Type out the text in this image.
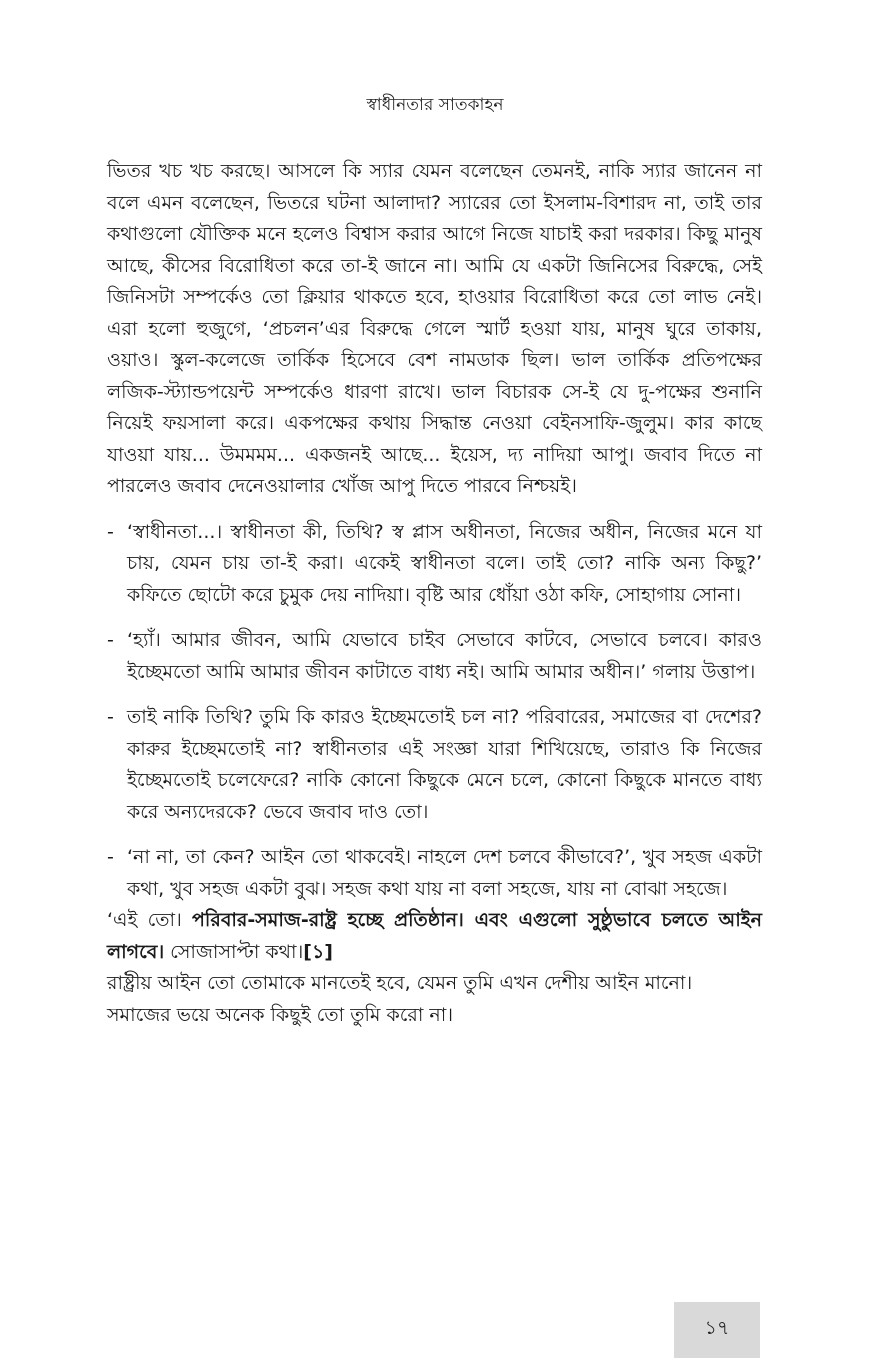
স্বাধীনতার সাতকাহন

ভিতর খচ খচ করছে। আসলে কি স্যার যেমন বলেছেন তেমনই, নাকি স্যার জানেন না বলে এমন বলেছেন, ভিতরে ঘটনা আলাদা? স্যারের তো ইসলাম-বিশারদ না, তাই তার কথাগুলো যৌক্তিক মনে হলেও বিশ্বাস করার আগে নিজে যাচাই করা দরকার। কিছু মানুষ আছে, কীসের বিরোধিতা করে তা-ই জানে না। আমি যে একটা জিনিসের বিরুদ্ধে, সেই জিনিসটা সম্পর্কেও তো ক্লিয়ার থাকতে হবে, হাওয়ার বিরোধিতা করে তো লাভ নেই। এরা হলো হুজুগে, ‘প্রচলন’এর বিরুদ্ধে গেলে স্মার্ট হওয়া যায়, মানুষ ঘুরে তাকায়, ওয়াও। স্কুল-কলেজে তার্কিক হিসেবে বেশ নামডাক ছিল। ভাল তার্কিক প্রতিপক্ষের লজিক-স্ট্যান্ডপয়েন্ট সম্পর্কেও ধারণা রাখে। ভাল বিচারক সে-ই যে দু-পক্ষের শুনানি নিয়েই ফয়সালা করে। একপক্ষের কথায় সিদ্ধান্ত নেওয়া বেইনসাফি-জুলুম। কার কাছে যাওয়া যায়... উমমমম... একজনই আছে... ইয়েস, দ্য নাদিয়া আপু। জবাব দিতে না পারলেও জবাব দেনেওয়ালার খোঁজ আপু দিতে পারবে নিশ্চয়ই।

- ‘স্বাধীনতা...। স্বাধীনতা কী, তিথি? স্ব প্লাস অধীনতা, নিজের অধীন, নিজের মনে যা চায়, যেমন চায় তা-ই করা। একেই স্বাধীনতা বলে। তাই তো? নাকি অন্য কিছু?’ কফিতে ছোটো করে চুমুক দেয় নাদিয়া। বৃষ্টি আর ধোঁয়া ওঠা কফি, সোহাগায় সোনা।
- ‘হ্যাঁ। আমার জীবন, আমি যেভাবে চাইব সেভাবে কাটবে, সেভাবে চলবে। কারও ইচ্ছেমতো আমি আমার জীবন কাটাতে বাধ্য নই। আমি আমার অধীন।’ গলায় উত্তাপ।
- তাই নাকি তিথি? তুমি কি কারও ইচ্ছেমতোই চল না? পরিবারের, সমাজের বা দেশের? কারুর ইচ্ছেমতোই না? স্বাধীনতার এই সংজ্ঞা যারা শিখিয়েছে, তারাও কি নিজের ইচ্ছেমতোই চলেফেরে? নাকি কোনো কিছুকে মেনে চলে, কোনো কিছুকে মানতে বাধ্য করে অন্যদেরকে? ভেবে জবাব দাও তো।
- ‘না না, তা কেন? আইন তো থাকবেই। নাহলে দেশ চলবে কীভাবে?’, খুব সহজ একটা কথা, খুব সহজ একটা বুঝ। সহজ কথা যায় না বলা সহজে, যায় না বোঝা সহজে।

‘এই তো। পরিবার-সমাজ-রাষ্ট্র হচ্ছে প্রতিষ্ঠান। এবং এগুলো সুষ্ঠুভাবে চলতে আইন লাগবে। সোজাসাপ্টা কথা।[১]

রাষ্ট্রীয় আইন তো তোমাকে মানতেই হবে, যেমন তুমি এখন দেশীয় আইন মানো।

সমাজের ভয়ে অনেক কিছুই তো তুমি করো না।

১৭
